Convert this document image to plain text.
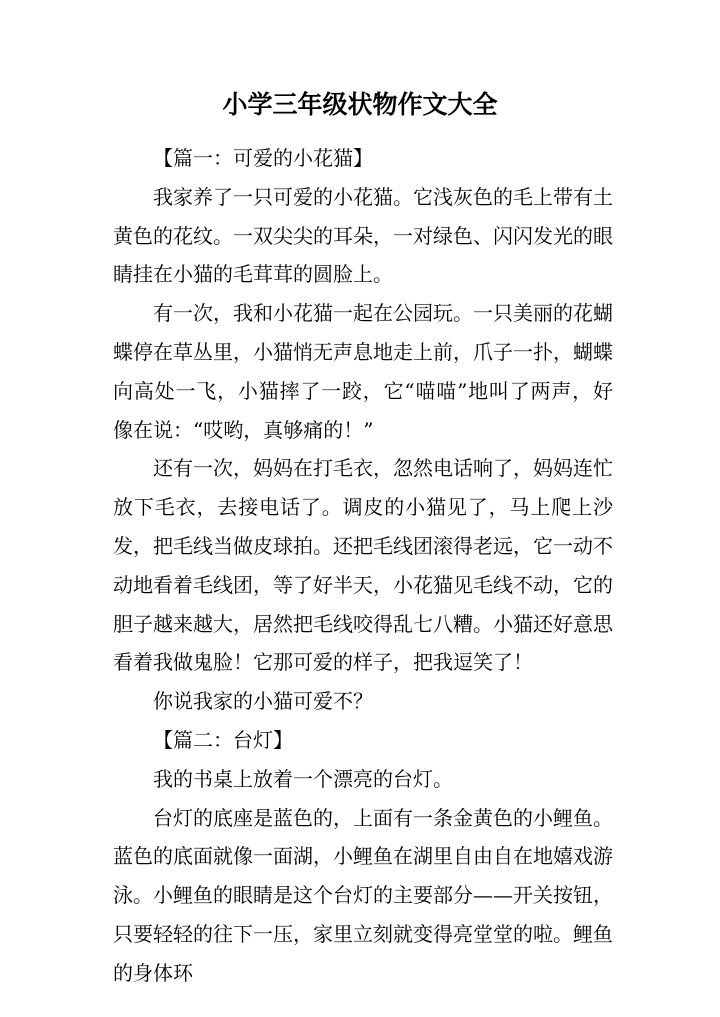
小学三年级状物作文大全

【篇一：可爱的小花猫】

我家养了一只可爱的小花猫。它浅灰色的毛上带有土黄色的花纹。一双尖尖的耳朵，一对绿色、闪闪发光的眼睛挂在小猫的毛茸茸的圆脸上。

有一次，我和小花猫一起在公园玩。一只美丽的花蝴蝶停在草丛里，小猫悄无声息地走上前，爪子一扑，蝴蝶向高处一飞，小猫摔了一跤，它“喵喵”地叫了两声，好像在说：“哎哟，真够痛的！”

还有一次，妈妈在打毛衣，忽然电话响了，妈妈连忙放下毛衣，去接电话了。调皮的小猫见了，马上爬上沙发，把毛线当做皮球拍。还把毛线团滚得老远，它一动不动地看着毛线团，等了好半天，小花猫见毛线不动，它的胆子越来越大，居然把毛线咬得乱七八糟。小猫还好意思看着我做鬼脸！它那可爱的样子，把我逗笑了！

你说我家的小猫可爱不？

【篇二：台灯】

我的书桌上放着一个漂亮的台灯。

台灯的底座是蓝色的，上面有一条金黄色的小鲤鱼。蓝色的底面就像一面湖，小鲤鱼在湖里自由自在地嬉戏游泳。小鲤鱼的眼睛是这个台灯的主要部分——开关按钮，只要轻轻的往下一压，家里立刻就变得亮堂堂的啦。鲤鱼的身体环
